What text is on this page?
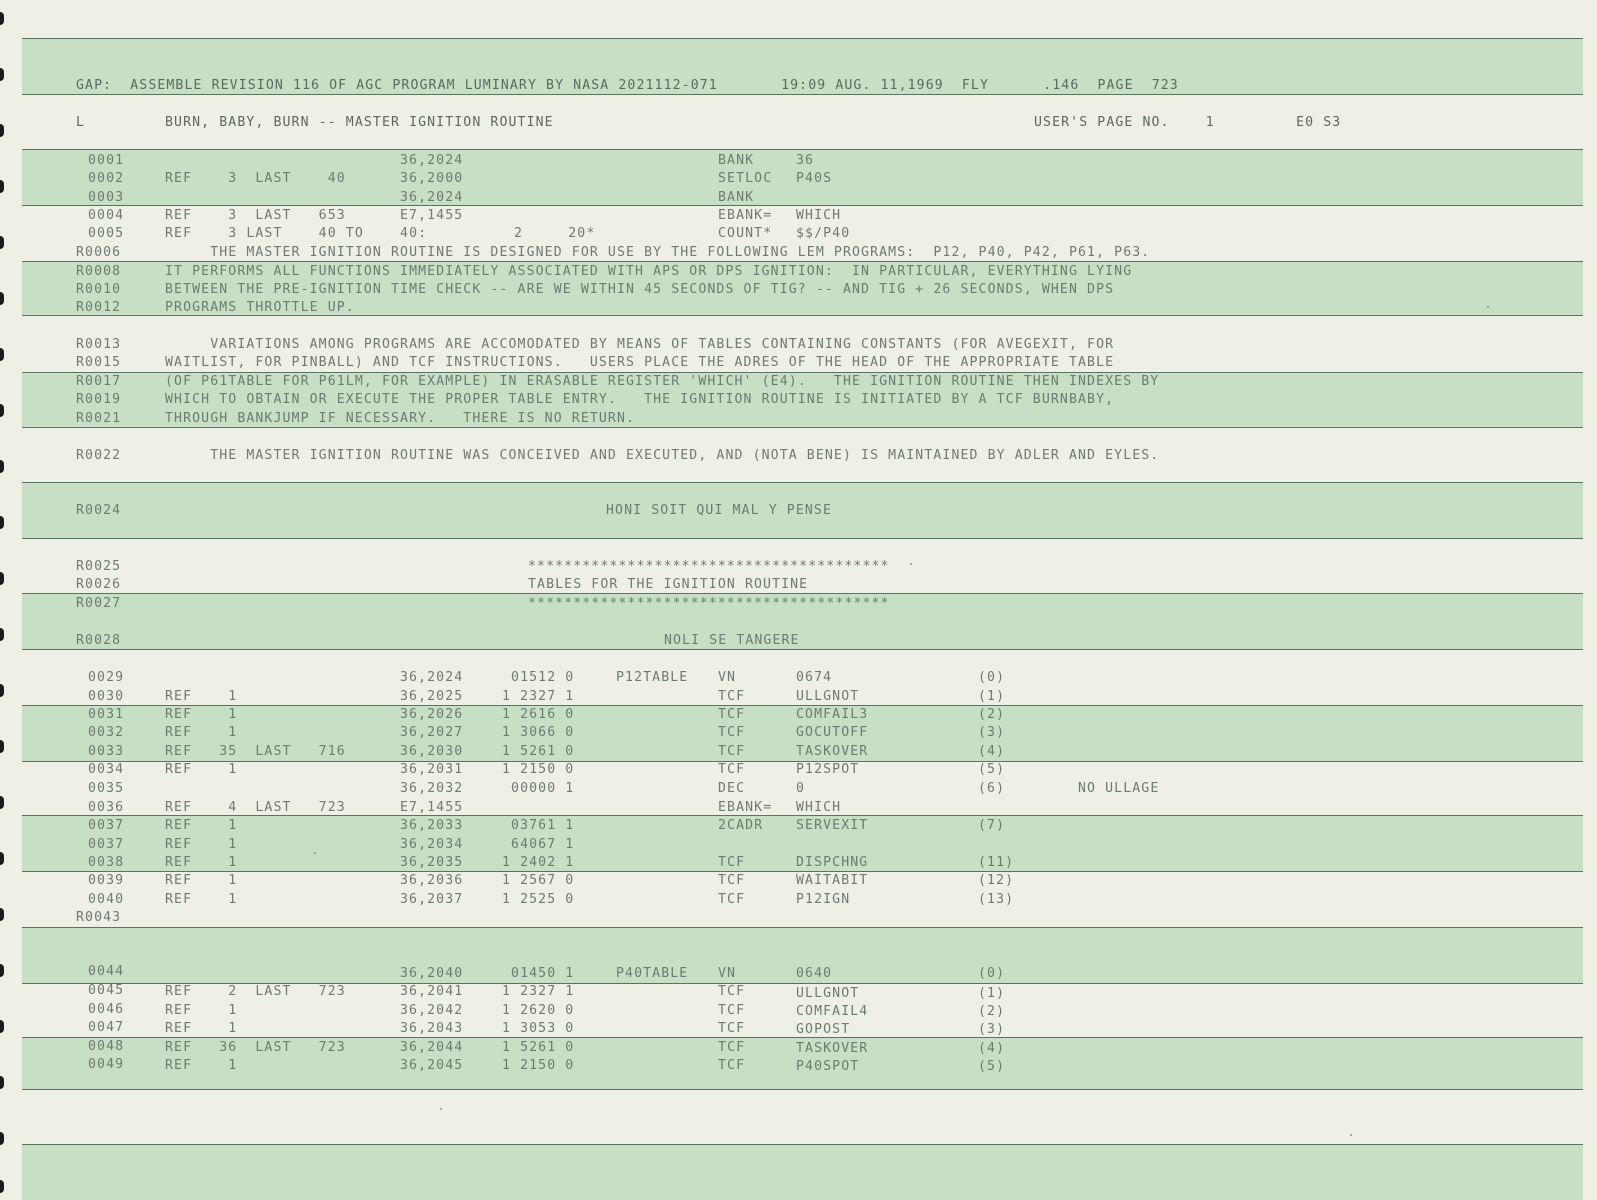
GAP:  ASSEMBLE REVISION 116 OF AGC PROGRAM LUMINARY BY NASA 2021112-071       19:09 AUG. 11,1969  FLY      .146  PAGE  723
L	BURN, BABY, BURN -- MASTER IGNITION ROUTINE	USER'S PAGE NO.    1         E0 S3
0001	36,2024	BANK	36
0002	REF    3  LAST    40	36,2000	SETLOC P40S
0003	36,2024	BANK
0004	REF    3  LAST   653	E7,1455	EBANK= WHICH
0005	REF    3 LAST    40 TO    40:	2     20*	COUNT* $$/P40
R0006	THE MASTER IGNITION ROUTINE IS DESIGNED FOR USE BY THE FOLLOWING LEM PROGRAMS:  P12, P40, P42, P61, P63.
R0008	IT PERFORMS ALL FUNCTIONS IMMEDIATELY ASSOCIATED WITH APS OR DPS IGNITION:  IN PARTICULAR, EVERYTHING LYING
R0010	BETWEEN THE PRE-IGNITION TIME CHECK -- ARE WE WITHIN 45 SECONDS OF TIG? -- AND TIG + 26 SECONDS, WHEN DPS
R0012	PROGRAMS THROTTLE UP.
R0013	VARIATIONS AMONG PROGRAMS ARE ACCOMODATED BY MEANS OF TABLES CONTAINING CONSTANTS (FOR AVEGEXIT, FOR
R0015	WAITLIST, FOR PINBALL) AND TCF INSTRUCTIONS.   USERS PLACE THE ADRES OF THE HEAD OF THE APPROPRIATE TABLE
R0017	(OF P61TABLE FOR P61LM, FOR EXAMPLE) IN ERASABLE REGISTER 'WHICH' (E4).   THE IGNITION ROUTINE THEN INDEXES BY
R0019	WHICH TO OBTAIN OR EXECUTE THE PROPER TABLE ENTRY.   THE IGNITION ROUTINE IS INITIATED BY A TCF BURNBABY,
R0021	THROUGH BANKJUMP IF NECESSARY.   THERE IS NO RETURN.
R0022	THE MASTER IGNITION ROUTINE WAS CONCEIVED AND EXECUTED, AND (NOTA BENE) IS MAINTAINED BY ADLER AND EYLES.
R0024	HONI SOIT QUI MAL Y PENSE
R0025	****************************************
R0026	TABLES FOR THE IGNITION ROUTINE
R0027	****************************************
R0028	NOLI SE TANGERE
0029	36,2024	01512 0	P12TABLE VN	0674	(0)
0030	REF    1	36,2025	1 2327 1	TCF	ULLGNOT	(1)
0031	REF    1	36,2026	1 2616 0	TCF	COMFAIL3	(2)
0032	REF    1	36,2027	1 3066 0	TCF	GOCUTOFF	(3)
0033	REF   35  LAST   716	36,2030	1 5261 0	TCF	TASKOVER	(4)
0034	REF    1	36,2031	1 2150 0	TCF	P12SPOT	(5)
0035	36,2032	00000 1	DEC	0	(6)	NO ULLAGE
0036	REF    4  LAST   723	E7,1455	EBANK= WHICH
0037	REF    1	36,2033	03761 1	2CADR SERVEXIT	(7)
0037	REF    1	36,2034	64067 1
0038	REF    1	36,2035	1 2402 1	TCF	DISPCHNG	(11)
0039	REF    1	36,2036	1 2567 0	TCF	WAITABIT	(12)
0040	REF    1	36,2037	1 2525 0	TCF	P12IGN	(13)
R0043
0044	36,2040	01450 1	P40TABLE VN	0640	(0)
0045	REF    2  LAST   723	36,2041	1 2327 1	TCF	ULLGNOT	(1)
0046	REF    1	36,2042	1 2620 0	TCF	COMFAIL4	(2)
0047	REF    1	36,2043	1 3053 0	TCF	GOPOST	(3)
0048	REF   36  LAST   723	36,2044	1 5261 0	TCF	TASKOVER	(4)
0049	REF    1	36,2045	1 2150 0	TCF	P40SPOT	(5)
